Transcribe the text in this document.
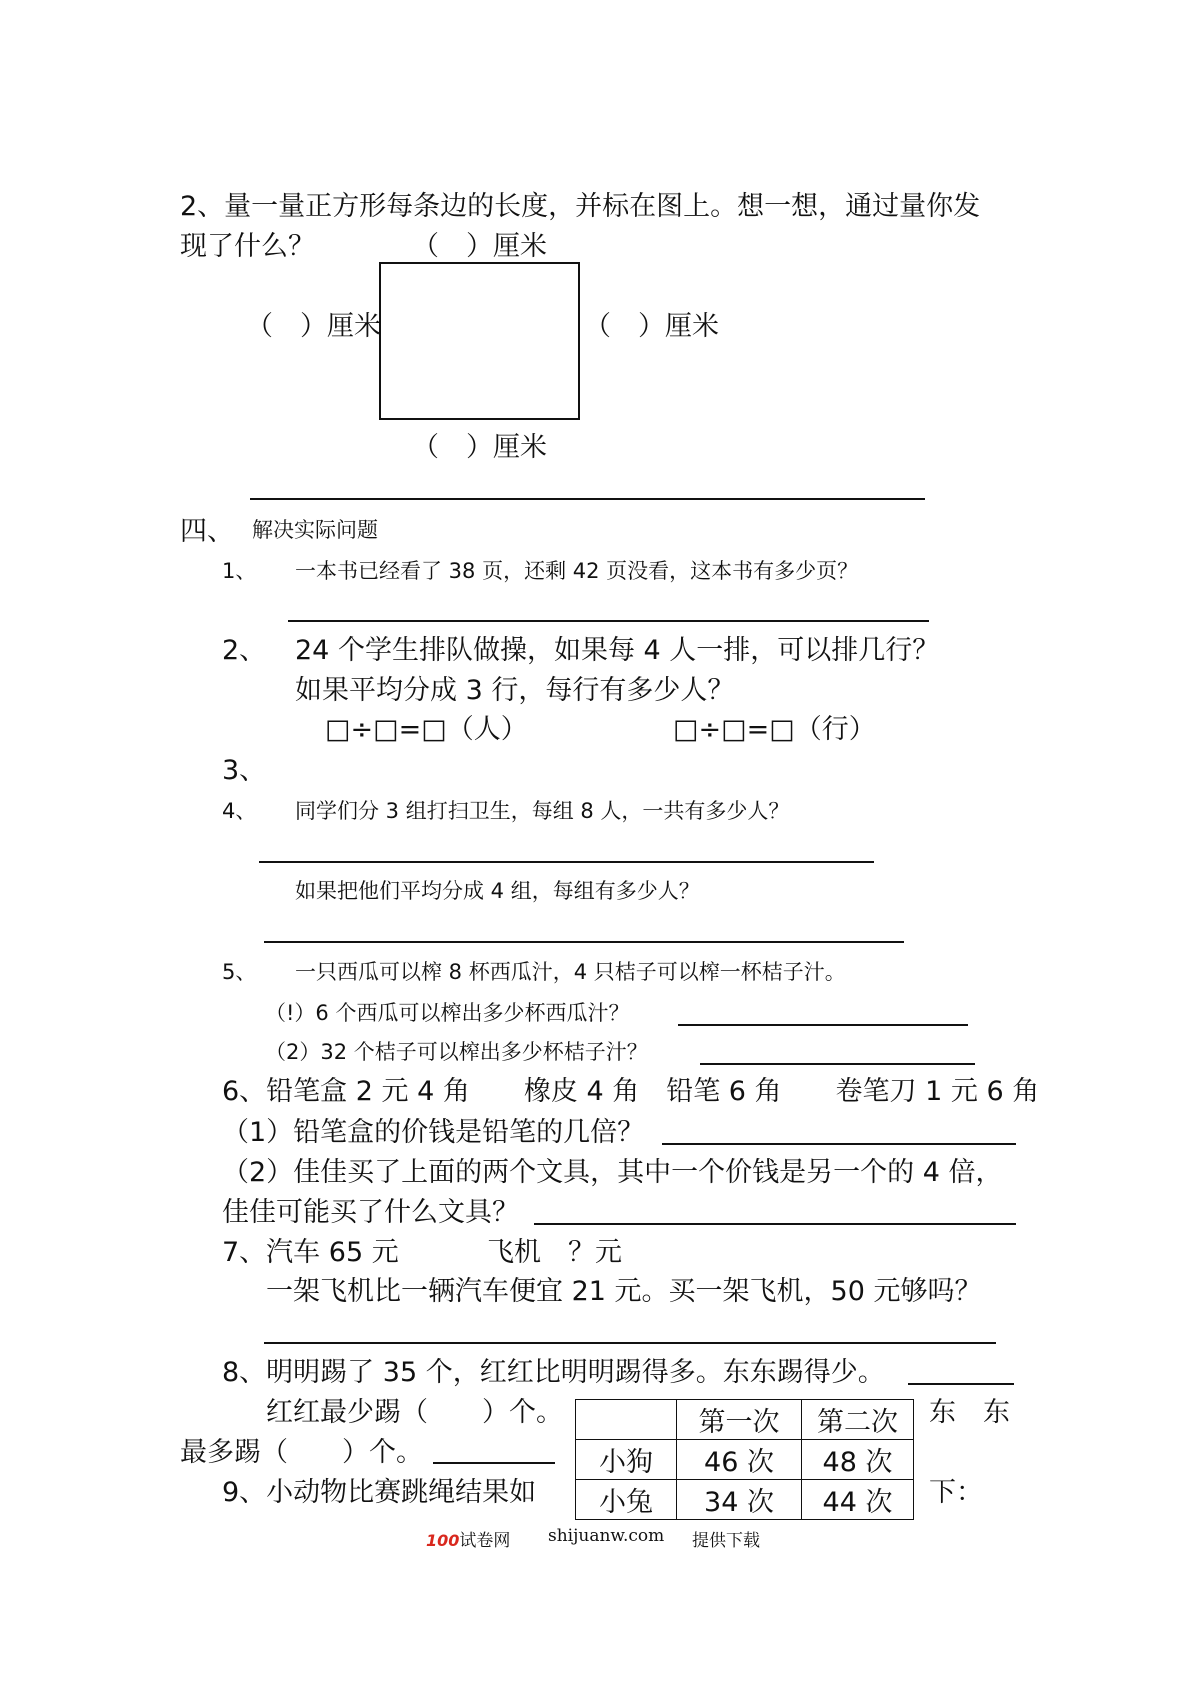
2、量一量正方形每条边的长度，并标在图上。想一想，通过量你发
现了什么？	（　）厘米
（　）厘米	（　）厘米
（　）厘米
四、 解决实际问题
1、 一本书已经看了 38 页，还剩 42 页没看，这本书有多少页？
2、 24 个学生排队做操，如果每 4 人一排，可以排几行？
如果平均分成 3 行，每行有多少人？
□÷□=□（人）	□÷□=□（行）
3、
4、 同学们分 3 组打扫卫生，每组 8 人，一共有多少人？
如果把他们平均分成 4 组，每组有多少人？
5、 一只西瓜可以榨 8 杯西瓜汁，4 只桔子可以榨一杯桔子汁。
（!）6 个西瓜可以榨出多少杯西瓜汁？
（2）32 个桔子可以榨出多少杯桔子汁？
6、铅笔盒 2 元 4 角　　橡皮 4 角　铅笔 6 角　　卷笔刀 1 元 6 角
（1）铅笔盒的价钱是铅笔的几倍？
（2）佳佳买了上面的两个文具，其中一个价钱是另一个的 4 倍，
佳佳可能买了什么文具？
7、汽车 65 元	飞机　？元
一架飞机比一辆汽车便宜 21 元。买一架飞机，50 元够吗？
8、明明踢了 35 个，红红比明明踢得多。东东踢得少。
红红最少踢（　　）个。	东　东
最多踢（　　）个。
9、小动物比赛跳绳结果如	下：
	第一次	第二次
小狗	46 次	48 次
小兔	34 次	44 次
100试卷网 shijuanw.com 提供下载
